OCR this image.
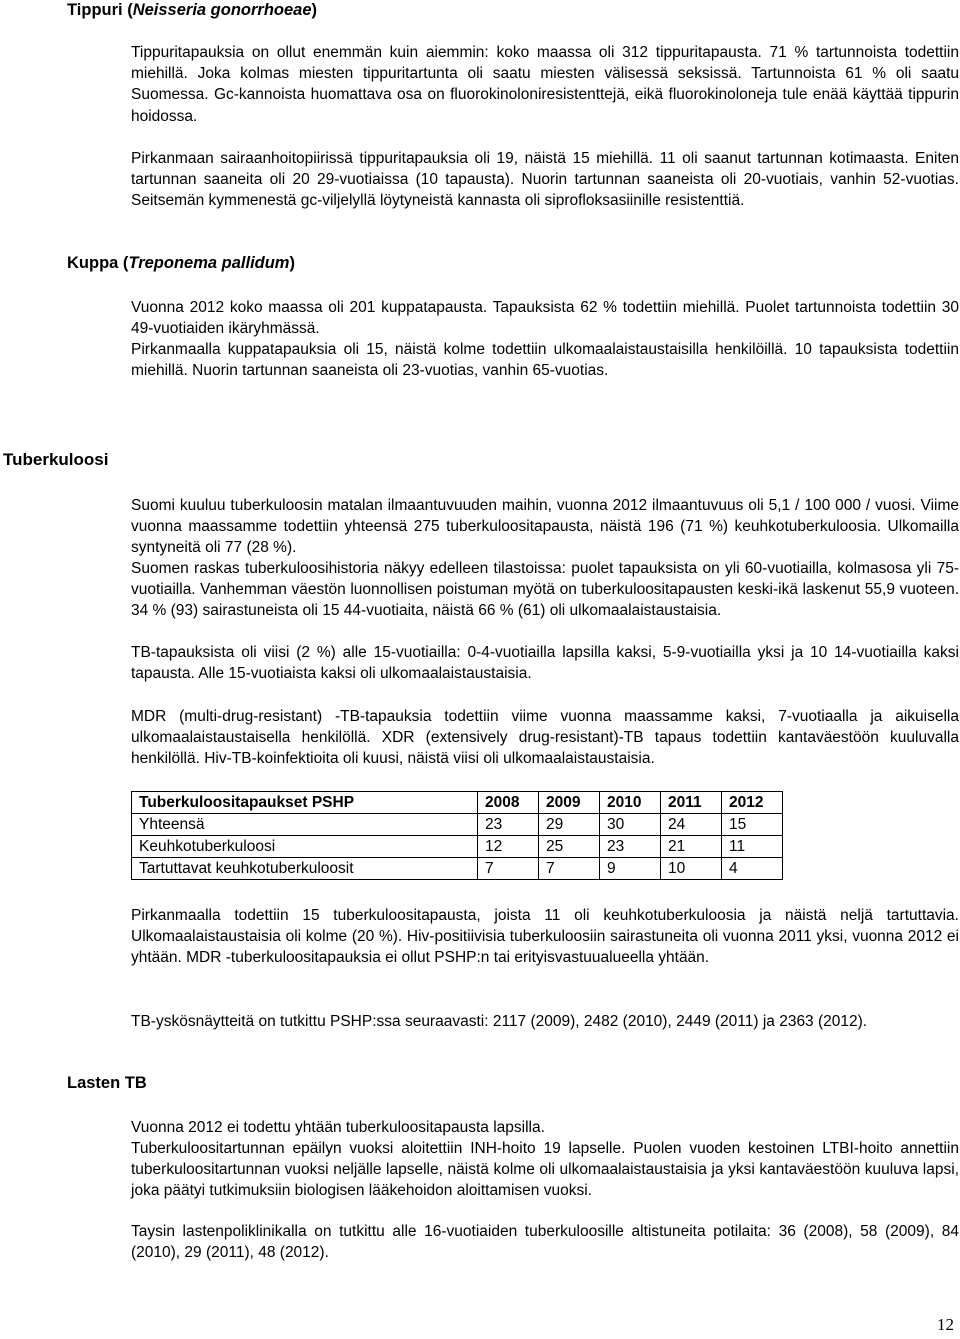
Tippuri (Neisseria gonorrhoeae)

Tippuritapauksia on ollut enemmän kuin aiemmin: koko maassa oli 312 tippuritapausta. 71 % tartunnoista todettiin miehillä. Joka kolmas miesten tippuritartunta oli saatu miesten välisessä seksissä. Tartunnoista 61 % oli saatu Suomessa. Gc-kannoista huomattava osa on fluorokinoloniresistenttejä, eikä fluorokinoloneja tule enää käyttää tippurin hoidossa.

Pirkanmaan sairaanhoitopiirissä tippuritapauksia oli 19, näistä 15 miehillä. 11 oli saanut tartunnan kotimaasta. Eniten tartunnan saaneita oli 20 29-vuotiaissa (10 tapausta). Nuorin tartunnan saaneista oli 20-vuotiais, vanhin 52-vuotias. Seitsemän kymmenestä gc-viljelyllä löytyneistä kannasta oli siprofloksasiinille resistenttiä.

Kuppa (Treponema pallidum)

Vuonna 2012 koko maassa oli 201 kuppatapausta. Tapauksista 62 % todettiin miehillä. Puolet tartunnoista todettiin 30 49-vuotiaiden ikäryhmässä.

Pirkanmaalla kuppatapauksia oli 15, näistä kolme todettiin ulkomaalaistaustaisilla henkilöillä. 10 tapauksista todettiin miehillä. Nuorin tartunnan saaneista oli 23-vuotias, vanhin 65-vuotias.

Tuberkuloosi

Suomi kuuluu tuberkuloosin matalan ilmaantuvuuden maihin, vuonna 2012 ilmaantuvuus oli 5,1 / 100 000 / vuosi. Viime vuonna maassamme todettiin yhteensä 275 tuberkuloositapausta, näistä 196 (71 %) keuhkotuberkuloosia. Ulkomailla syntyneitä oli 77 (28 %).

Suomen raskas tuberkuloosihistoria näkyy edelleen tilastoissa: puolet tapauksista on yli 60-vuotiailla, kolmasosa yli 75-vuotiailla. Vanhemman väestön luonnollisen poistuman myötä on tuberkuloositapausten keski-ikä laskenut 55,9 vuoteen. 34 % (93) sairastuneista oli 15 44-vuotiaita, näistä 66 % (61) oli ulkomaalaistaustaisia.

TB-tapauksista oli viisi (2 %) alle 15-vuotiailla: 0-4-vuotiailla lapsilla kaksi, 5-9-vuotiailla yksi ja 10 14-vuotiailla kaksi tapausta. Alle 15-vuotiaista kaksi oli ulkomaalaistaustaisia.

MDR (multi-drug-resistant) -TB-tapauksia todettiin viime vuonna maassamme kaksi, 7-vuotiaalla ja aikuisella ulkomaalaistaustaisella henkilöllä. XDR (extensively drug-resistant)-TB tapaus todettiin kantaväestöön kuuluvalla henkilöllä. Hiv-TB-koinfektioita oli kuusi, näistä viisi oli ulkomaalaistaustaisia.

Tuberkuloositapaukset PSHP	2008	2009	2010	2011	2012
Yhteensä	23	29	30	24	15
Keuhkotuberkuloosi	12	25	23	21	11
Tartuttavat keuhkotuberkuloosit	7	7	9	10	4

Pirkanmaalla todettiin 15 tuberkuloositapausta, joista 11 oli keuhkotuberkuloosia ja näistä neljä tartuttavia. Ulkomaalaistaustaisia oli kolme (20 %). Hiv-positiivisia tuberkuloosiin sairastuneita oli vuonna 2011 yksi, vuonna 2012 ei yhtään. MDR -tuberkuloositapauksia ei ollut PSHP:n tai erityisvastuualueella yhtään.

TB-yskösnäytteitä on tutkittu PSHP:ssa seuraavasti: 2117 (2009), 2482 (2010), 2449 (2011) ja 2363 (2012).

Lasten TB

Vuonna 2012 ei todettu yhtään tuberkuloositapausta lapsilla.

Tuberkuloositartunnan epäilyn vuoksi aloitettiin INH-hoito 19 lapselle. Puolen vuoden kestoinen LTBI-hoito annettiin tuberkuloositartunnan vuoksi neljälle lapselle, näistä kolme oli ulkomaalaistaustaisia ja yksi kantaväestöön kuuluva lapsi, joka päätyi tutkimuksiin biologisen lääkehoidon aloittamisen vuoksi.

Taysin lastenpoliklinikalla on tutkittu alle 16-vuotiaiden tuberkuloosille altistuneita potilaita: 36 (2008), 58 (2009), 84 (2010), 29 (2011), 48 (2012).

12
